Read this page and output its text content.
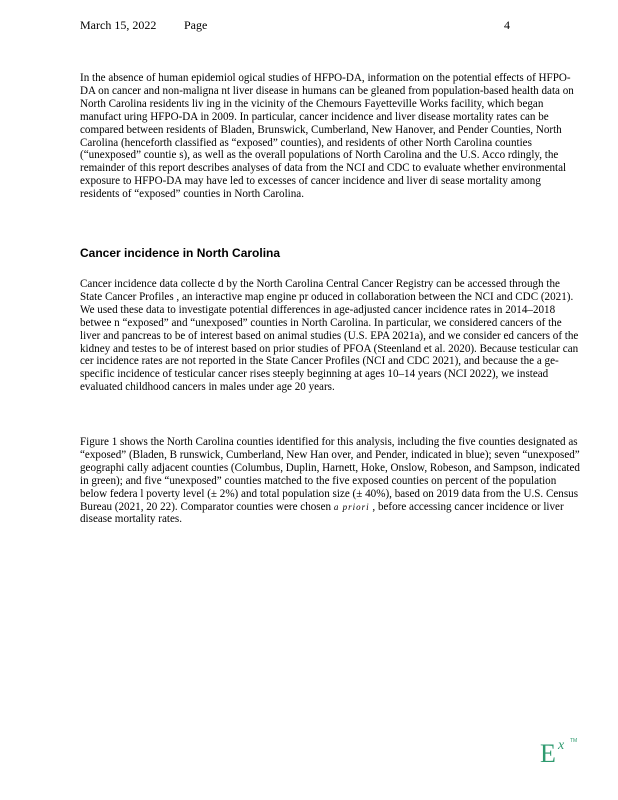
March 15, 2022 Page	4

In the absence of human epidemiol ogical studies of HFPO-DA, information on the potential effects of HFPO-DA on cancer and non-maligna nt liver disease in humans can be gleaned from population-based health data on North Carolina residents liv ing in the vicinity of the Chemours Fayetteville Works facility, which began manufact uring HFPO-DA in 2009. In particular, cancer incidence and liver disease mortality rates can be compared between residents of Bladen, Brunswick, Cumberland, New Hanover, and Pender Counties, North Carolina (henceforth classified as “exposed” counties), and residents of other North Carolina counties (“unexposed” countie s), as well as the overall populations of North Carolina and the U.S. Acco rdingly, the remainder of this report describes analyses of data from the NCI and CDC to evaluate whether environmental exposure to HFPO-DA may have led to excesses of cancer incidence and liver di sease mortality among residents of “exposed” counties in North Carolina.

Cancer incidence in North Carolina

Cancer incidence data collecte d by the North Carolina Central Cancer Registry can be accessed through the State Cancer Profiles , an interactive map engine pr oduced in collaboration between the NCI and CDC (2021). We used these data to investigate potential differences in age-adjusted cancer incidence rates in 2014–2018 betwee n “exposed” and “unexposed” counties in North Carolina. In particular, we considered cancers of the liver and pancreas to be of interest based on animal studies (U.S. EPA 2021a), and we consider ed cancers of the kidney and testes to be of interest based on prior studies of PFOA (Steenland et al. 2020). Because testicular can cer incidence rates are not reported in the State Cancer Profiles (NCI and CDC 2021), and because the a ge-specific incidence of testicular cancer rises steeply beginning at ages 10–14 years (NCI 2022), we instead evaluated childhood cancers in males under age 20 years.

Figure 1 shows the North Carolina counties identified for this analysis, including the five counties designated as “exposed” (Bladen, B runswick, Cumberland, New Han over, and Pender, indicated in blue); seven “unexposed” geographi cally adjacent counties (Columbus, Duplin, Harnett, Hoke, Onslow, Robeson, and Sampson, indicated in green); and five “unexposed” counties matched to the five exposed counties on percent of the population below federa l poverty level (± 2%) and total population size (± 40%), based on 2019 data from the U.S. Census Bureau (2021, 20 22). Comparator counties were chosen a priori , before accessing cancer incidence or liver disease mortality rates.

E x TM
